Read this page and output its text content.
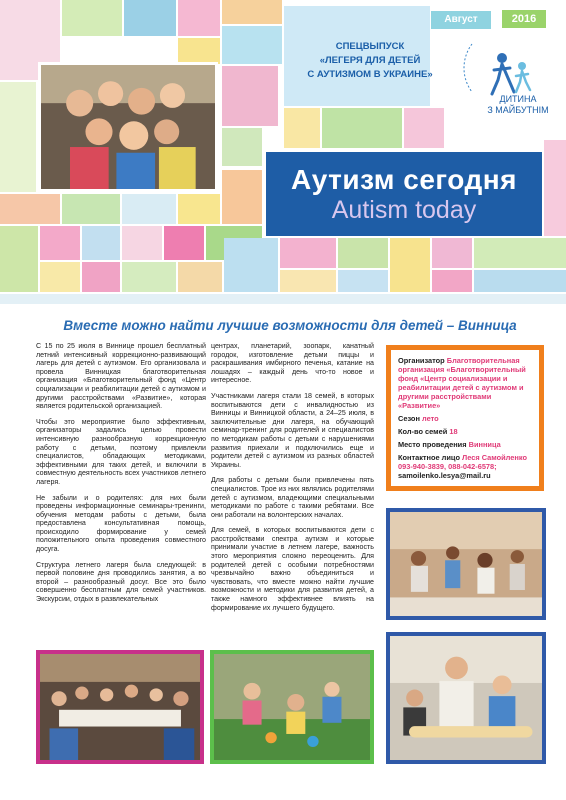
Август	2016
СПЕЦВЫПУСК
«ЛЕГЕРЯ ДЛЯ ДЕТЕЙ
С АУТИЗМОМ В УКРАИНЕ»
ДИТИНА
З МАЙБУТНІМ
Аутизм сегодня
Autism today
Вместе можно найти лучшие возможности для детей – Винница

С 15 по 25 июля в Виннице прошел бесплатный летний интенсивный коррекционно-развивающий лагерь для детей с аутизмом. Его организовала и провела Винницкая благотворительная организация «Благотворительный фонд «Центр социализации и реабилитации детей с аутизмом и другими расстройствами «Развитие», которая является родительской организацией.

Чтобы это мероприятие было эффективным, организаторы задались целью провести интенсивную разнообразную коррекционную работу с детьми, поэтому привлекли специалистов, обладающих методиками, эффективными для таких детей, и включили в совместную деятельность всех участников летнего лагеря.

Не забыли и о родителях: для них были проведены информационные семинары-тренинги, обучения методам работы с детьми, была предоставлена консультативная помощь, происходило формирование у семей положительного опыта проведения совместного досуга.

Структура летнего лагеря была следующей: в первой половине дня проводились занятия, а во второй – разнообразный досуг. Все это было совершенно бесплатным для семей участников. Экскурсии, отдых в развлекательных

центрах, планетарий, зоопарк, канатный городок, изготовление детьми пиццы и раскрашивания имбирного печенья, катание на лошадях – каждый день что-то новое и интересное.

Участниками лагеря стали 18 семей, в которых воспитываются дети с инвалидностью из Винницы и Винницкой области, а 24–25 июля, в заключительные дни лагеря, на обучающий семинар-тренинг для родителей и специалистов по методикам работы с детьми с нарушениями развития приехали и подключились еще и родители детей с аутизмом из разных областей Украины.

Для работы с детьми были привлечены пять специалистов. Трое из них являлись родителями детей с аутизмом, владеющими специальными методиками по работе с такими ребятами. Все они работали на волонтерских началах.

Для семей, в которых воспитываются дети с расстройствами спектра аутизм и которые принимали участие в летнем лагере, важность этого мероприятия сложно переоценить. Для родителей детей с особыми потребностями чрезвычайно важно объединиться и чувствовать, что вместе можно найти лучшие возможности и методики для развития детей, а также намного эффективнее влиять на формирование их лучшего будущего.

Организатор Благотворительная организация «Благотворительный фонд «Центр социализации и реабилитации детей с аутизмом и другими расстройствами «Развитие»
Сезон лето
Кол-во семей 18
Место проведения Винница
Контактное лицо Леся Самойленко
093-940-3839, 088-042-6578;
samoilenko.lesya@mail.ru
